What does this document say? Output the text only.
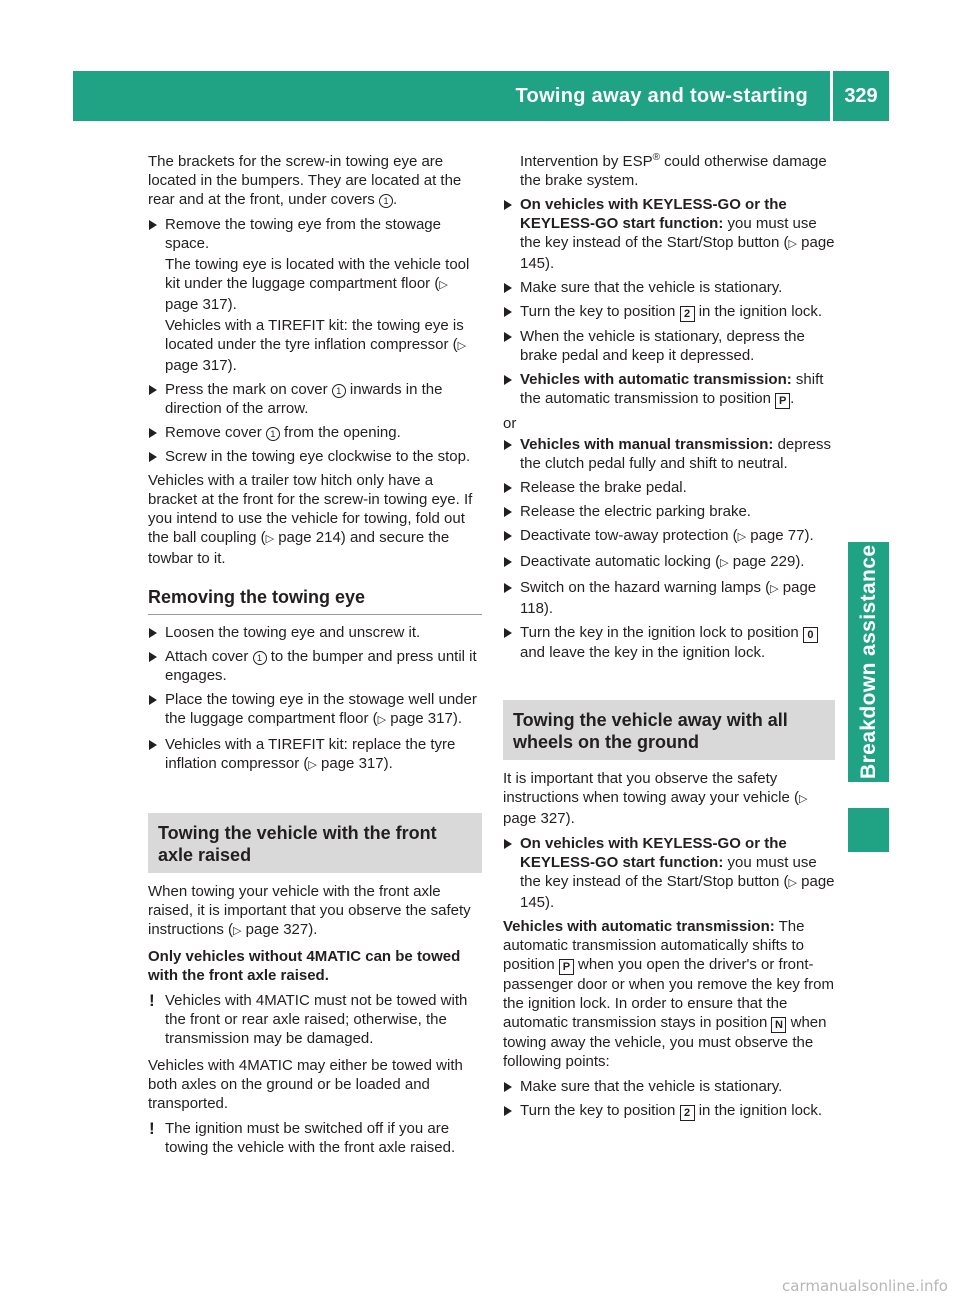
Towing away and tow-starting	329
Breakdown assistance

The brackets for the screw-in towing eye are located in the bumpers. They are located at the rear and at the front, under covers 1 .

Remove the towing eye from the stowage space.
The towing eye is located with the vehicle tool kit under the luggage compartment floor (▷ page 317).
Vehicles with a TIREFIT kit: the towing eye is located under the tyre inflation compressor (▷ page 317).
Press the mark on cover 1 inwards in the direction of the arrow.
Remove cover 1 from the opening.
Screw in the towing eye clockwise to the stop.

Vehicles with a trailer tow hitch only have a bracket at the front for the screw-in towing eye. If you intend to use the vehicle for towing, fold out the ball coupling (▷ page 214) and secure the towbar to it.

Removing the towing eye
Loosen the towing eye and unscrew it.
Attach cover 1 to the bumper and press until it engages.
Place the towing eye in the stowage well under the luggage compartment floor (▷ page 317).
Vehicles with a TIREFIT kit: replace the tyre inflation compressor (▷ page 317).
Towing the vehicle with the front axle raised

When towing your vehicle with the front axle raised, it is important that you observe the safety instructions (▷ page 327).

Only vehicles without 4MATIC can be towed with the front axle raised.

! Vehicles with 4MATIC must not be towed with the front or rear axle raised; otherwise, the transmission may be damaged.

Vehicles with 4MATIC may either be towed with both axles on the ground or be loaded and transported.

! The ignition must be switched off if you are towing the vehicle with the front axle raised.
Intervention by ESP® could otherwise damage the brake system.
On vehicles with KEYLESS-GO or the KEYLESS-GO start function: you must use the key instead of the Start/Stop button (▷ page 145).
Make sure that the vehicle is stationary.
Turn the key to position 2 in the ignition lock.
When the vehicle is stationary, depress the brake pedal and keep it depressed.
Vehicles with automatic transmission: shift the automatic transmission to position P .

or

Vehicles with manual transmission: depress the clutch pedal fully and shift to neutral.
Release the brake pedal.
Release the electric parking brake.
Deactivate tow-away protection (▷ page 77).
Deactivate automatic locking (▷ page 229).
Switch on the hazard warning lamps (▷ page 118).
Turn the key in the ignition lock to position 0 and leave the key in the ignition lock.
Towing the vehicle away with all wheels on the ground

It is important that you observe the safety instructions when towing away your vehicle (▷ page 327).

On vehicles with KEYLESS-GO or the KEYLESS-GO start function: you must use the key instead of the Start/Stop button (▷ page 145).

Vehicles with automatic transmission: The automatic transmission automatically shifts to position P when you open the driver's or front-passenger door or when you remove the key from the ignition lock. In order to ensure that the automatic transmission stays in position N when towing away the vehicle, you must observe the following points:

Make sure that the vehicle is stationary.
Turn the key to position 2 in the ignition lock.
carmanualsonline.info
